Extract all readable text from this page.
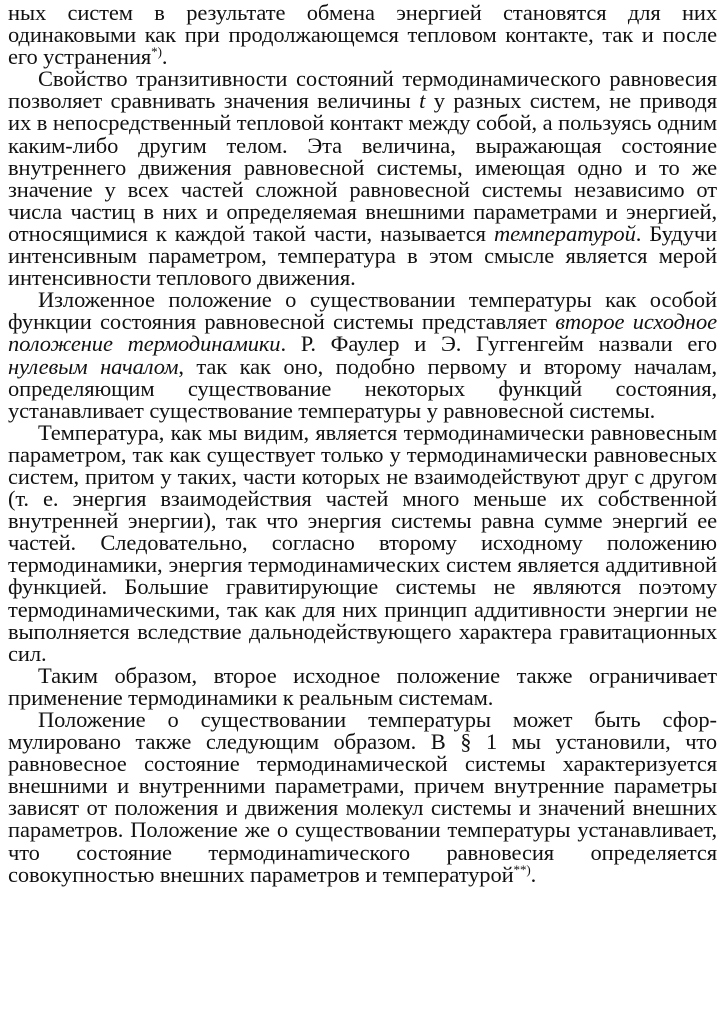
ных систем в результате обмена энергией становятся для них одинаковыми как при продолжающемся тепловом контакте, так и после его устранения*).

Свойство транзитивности состояний термодинамического равновесия позволяет сравнивать значения величины t у разных систем, не приводя их в непосредственный тепловой контакт между собой, а пользуясь одним каким-либо другим телом. Эта величина, выражающая состояние внутреннего движения равновесной системы, имеющая одно и то же значение у всех частей сложной равновесной системы независимо от числа частиц в них и определяемая внешними параметрами и энергией, относящимися к каждой такой части, называется температурой. Будучи интенсивным параметром, температура в этом смысле является мерой интенсивности теплового движения.

Изложенное положение о существовании температуры как особой функции состояния равновесной системы представляет второе исходное положение термодинамики. Р. Фаулер и Э. Гуггенгейм назвали его нулевым началом, так как оно, подобно первому и второму началам, определяющим существование некоторых функций состояния, устанавливает существование температуры у равновесной системы.

Температура, как мы видим, является термодинамически равновесным параметром, так как существует только у термодинамически равновесных систем, притом у таких, части которых не взаимодействуют друг с другом (т. е. энергия взаимодействия частей много меньше их собственной внутренней энергии), так что энергия системы равна сумме энергий ее частей. Следовательно, согласно второму исходному положению термодинамики, энергия термодинамических систем является аддитивной функцией. Большие гравитирующие системы не являются поэтому термодинамическими, так как для них принцип аддитивности энергии не выполняется вследствие дальнодействующего характера гравитационных сил.

Таким образом, второе исходное положение также ограничивает применение термодинамики к реальным системам.

Положение о существовании температуры может быть сформулировано также следующим образом. В § 1 мы установили, что равновесное состояние термодинамической системы характеризуется внешними и внутренними параметрами, причем внутренние параметры зависят от положения и движения молекул системы и значений внешних параметров. Положение же о существовании температуры устанавливает, что состояние термодинаmического равновесия определяется совокупностью внешних параметров и температурой**).
